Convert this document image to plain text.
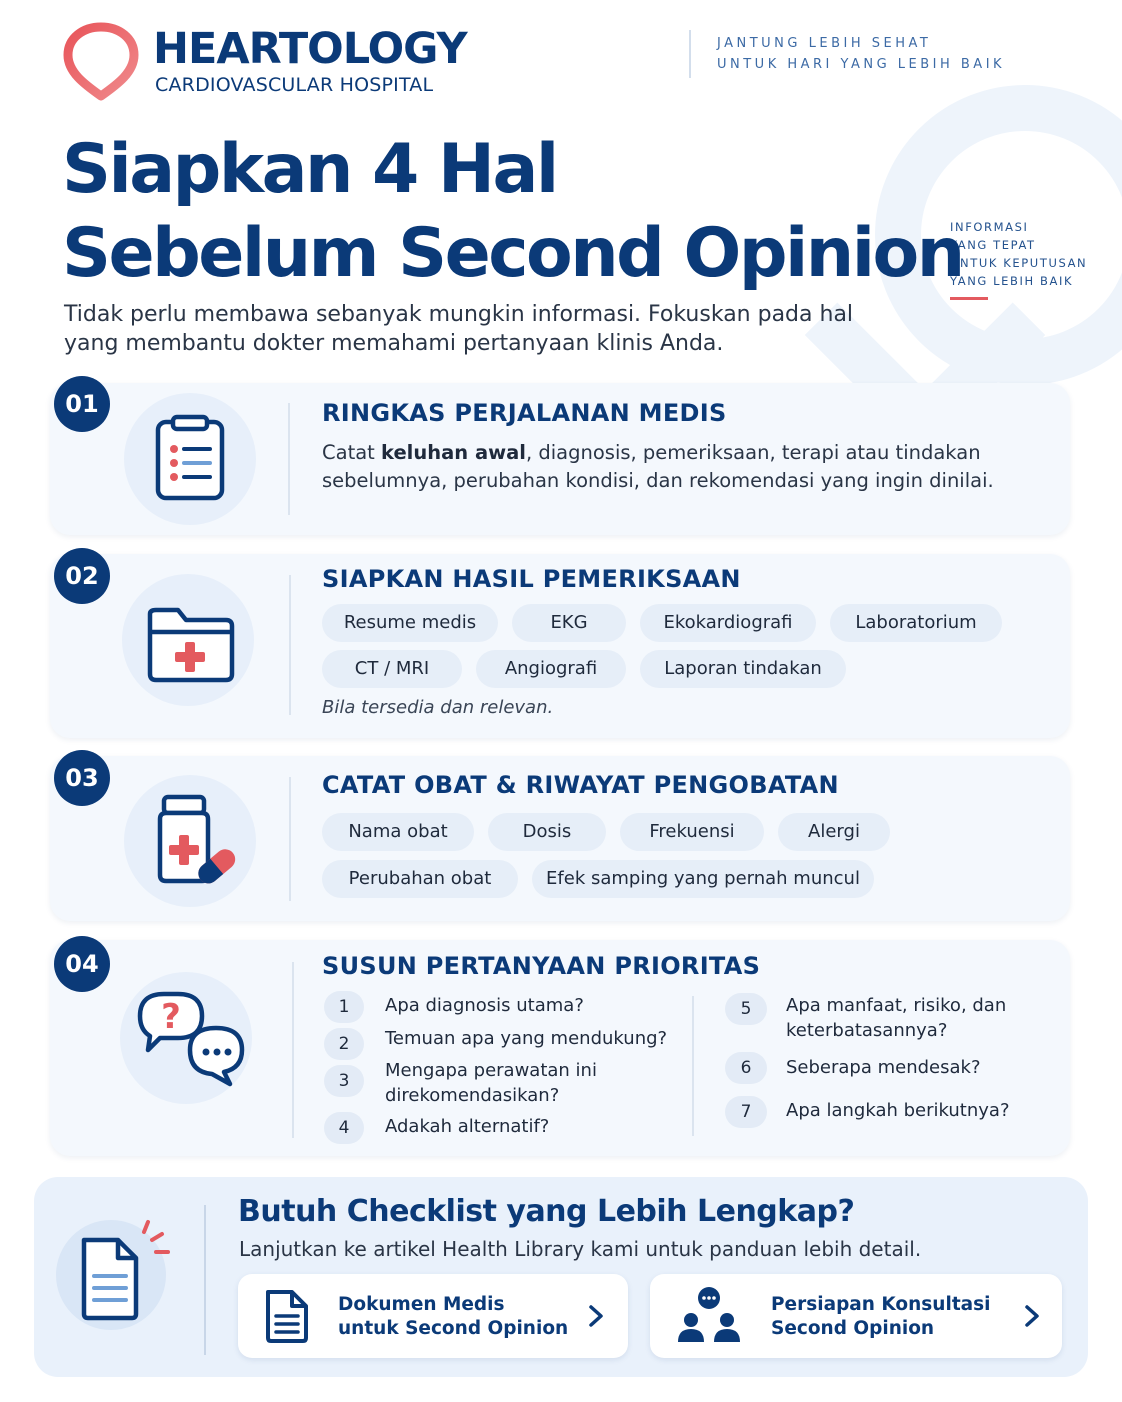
HEARTOLOGY
CARDIOVASCULAR HOSPITAL
JANTUNG LEBIH SEHAT
UNTUK HARI YANG LEBIH BAIK
INFORMASI
YANG TEPAT
UNTUK KEPUTUSAN
YANG LEBIH BAIK
Siapkan 4 Hal
Sebelum Second Opinion
Tidak perlu membawa sebanyak mungkin informasi. Fokuskan pada hal
yang membantu dokter memahami pertanyaan klinis Anda.
01	RINGKAS PERJALANAN MEDIS
Catat keluhan awal, diagnosis, pemeriksaan, terapi atau tindakan
sebelumnya, perubahan kondisi, dan rekomendasi yang ingin dinilai.
02	SIAPKAN HASIL PEMERIKSAAN
Resume medis	EKG	Ekokardiografi	Laboratorium
CT / MRI	Angiografi	Laporan tindakan
Bila tersedia dan relevan.
03	CATAT OBAT & RIWAYAT PENGOBATAN
Nama obat	Dosis	Frekuensi	Alergi
Perubahan obat	Efek samping yang pernah muncul
04
?
SUSUN PERTANYAAN PRIORITAS
1	Apa diagnosis utama?
2	Temuan apa yang mendukung?
3	Mengapa perawatan ini
direkomendasikan?
4	Adakah alternatif?
5	Apa manfaat, risiko, dan
keterbatasannya?
6	Seberapa mendesak?
7	Apa langkah berikutnya?
Butuh Checklist yang Lebih Lengkap?
Lanjutkan ke artikel Health Library kami untuk panduan lebih detail.
Dokumen Medis
untuk Second Opinion
Persiapan Konsultasi
Second Opinion
